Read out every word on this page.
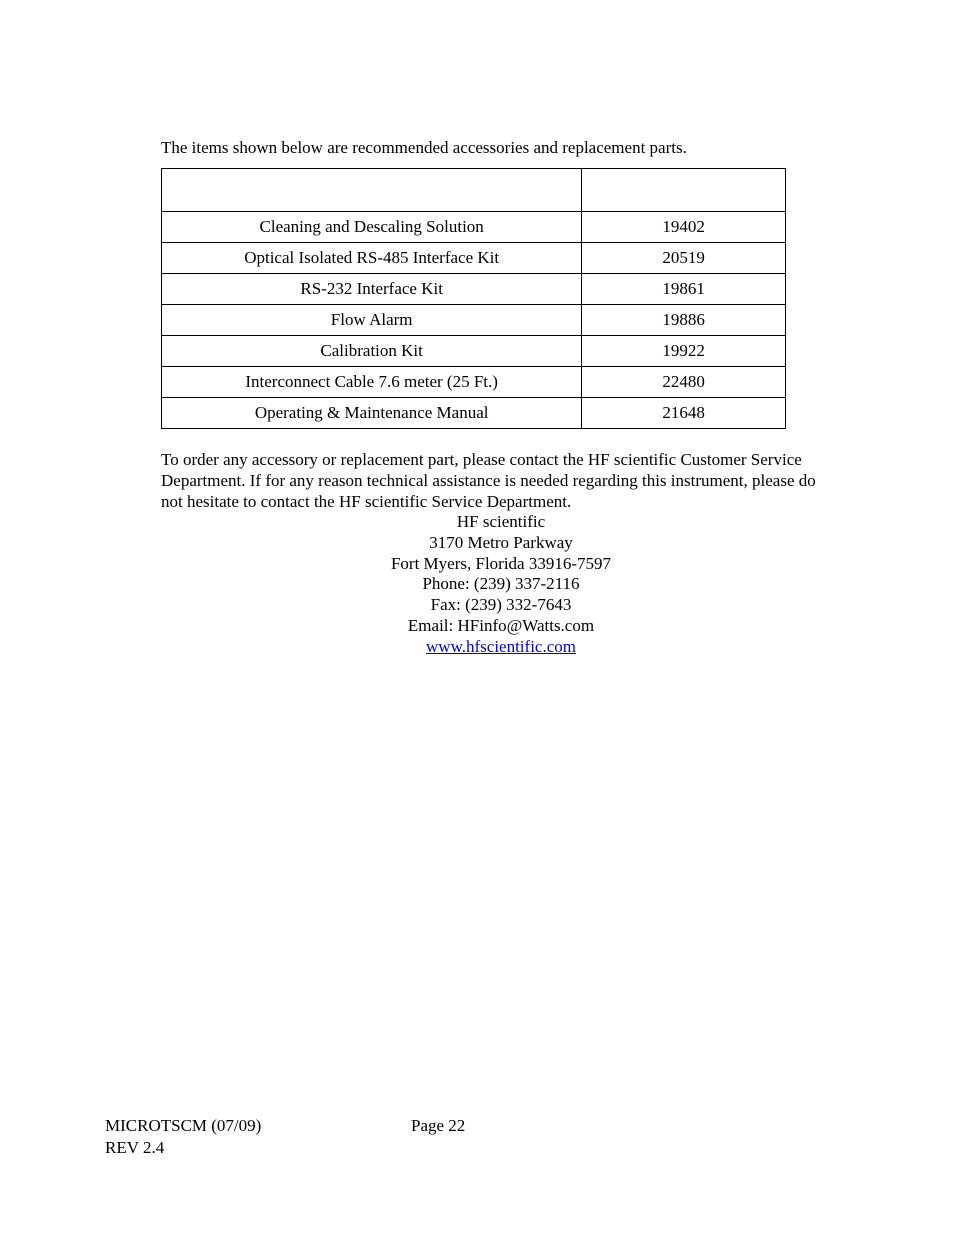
The items shown below are recommended accessories and replacement parts.

Cleaning and Descaling Solution	19402
Optical Isolated RS-485 Interface Kit	20519
RS-232 Interface Kit	19861
Flow Alarm	19886
Calibration Kit	19922
Interconnect Cable 7.6 meter (25 Ft.)	22480
Operating & Maintenance Manual	21648
To order any accessory or replacement part, please contact the HF scientific Customer Service Department. If for any reason technical assistance is needed regarding this instrument, please do not hesitate to contact the HF scientific Service Department.
HF scientific
3170 Metro Parkway
Fort Myers, Florida 33916-7597
Phone: (239) 337-2116
Fax: (239) 332-7643
Email: HFinfo@Watts.com
www.hfscientific.com
MICROTSCM (07/09)
REV 2.4
Page 22
